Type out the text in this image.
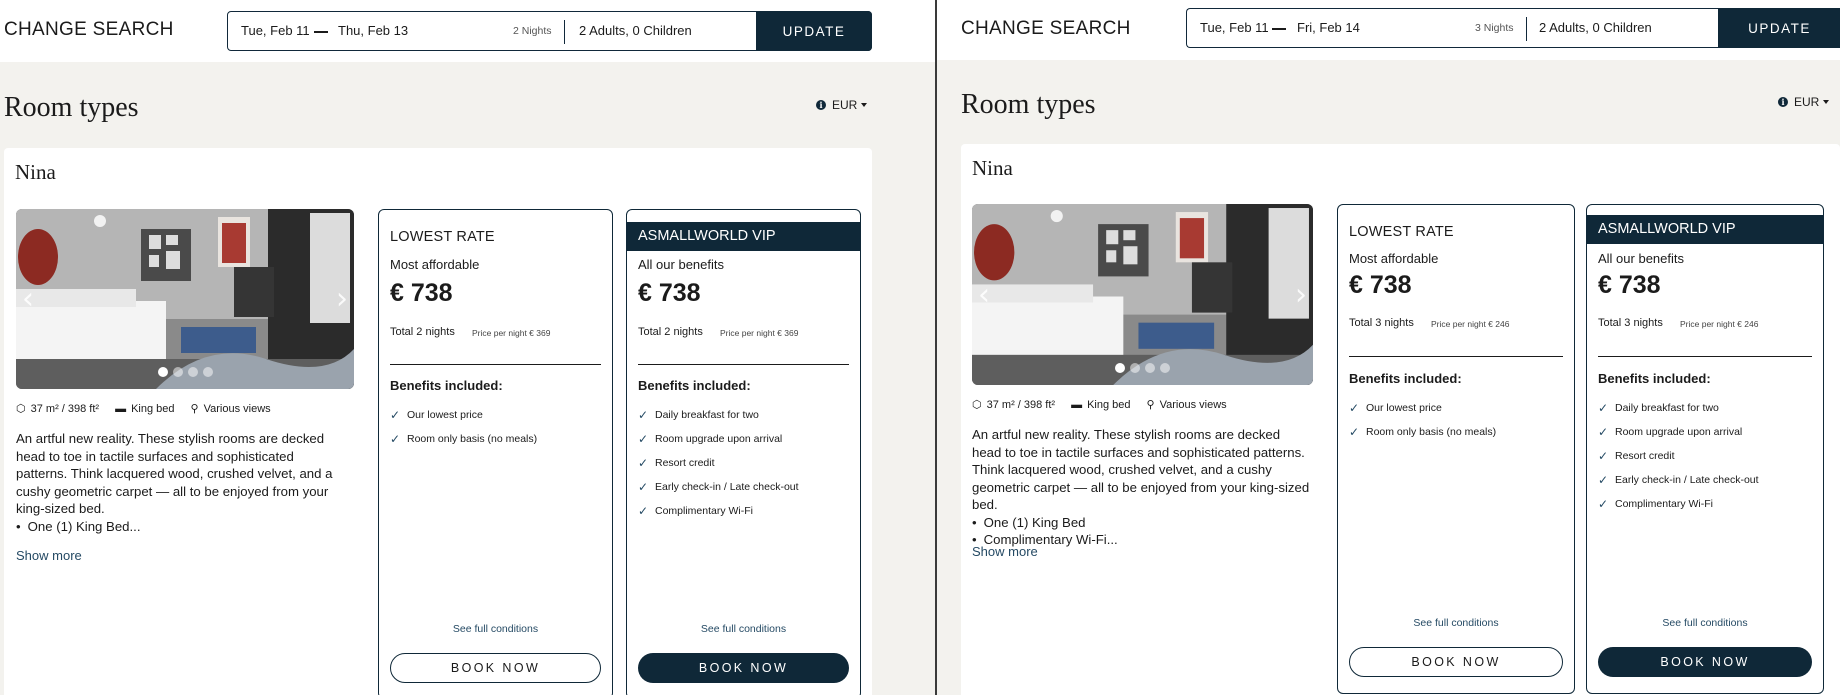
CHANGE SEARCH	Tue, Feb 11 Thu, Feb 13	2 Nights 2 Adults, 0 Children	UPDATE
Room types	i EUR
Nina
‹	›
⬡ 37 m² / 398 ft² ▬ King bed ⚲ Various views

An artful new reality. These stylish rooms are decked head to toe in tactile surfaces and sophisticated patterns. Think lacquered wood, crushed velvet, and a cushy geometric carpet — all to be enjoyed from your king-sized bed.

• One (1) King Bed...
Show more
LOWEST RATE
Most affordable
€ 738
Total 2 nights Price per night € 369
Benefits included:
✓ Our lowest price
✓ Room only basis (no meals)
See full conditions
BOOK NOW
ASMALLWORLD VIP
All our benefits
€ 738
Total 2 nights Price per night € 369
Benefits included:
✓ Daily breakfast for two
✓ Room upgrade upon arrival
✓ Resort credit
✓ Early check-in / Late check-out
✓ Complimentary Wi-Fi
See full conditions
BOOK NOW
CHANGE SEARCH	Tue, Feb 11 Fri, Feb 14	3 Nights 2 Adults, 0 Children	UPDATE
Room types	i EUR
Nina
‹	›
⬡ 37 m² / 398 ft² ▬ King bed ⚲ Various views

An artful new reality. These stylish rooms are decked head to toe in tactile surfaces and sophisticated patterns. Think lacquered wood, crushed velvet, and a cushy geometric carpet — all to be enjoyed from your king-sized bed.

• One (1) King Bed
• Complimentary Wi-Fi...
Show more
LOWEST RATE
Most affordable
€ 738
Total 3 nights Price per night € 246
Benefits included:
✓ Our lowest price
✓ Room only basis (no meals)
See full conditions
BOOK NOW
ASMALLWORLD VIP
All our benefits
€ 738
Total 3 nights Price per night € 246
Benefits included:
✓ Daily breakfast for two
✓ Room upgrade upon arrival
✓ Resort credit
✓ Early check-in / Late check-out
✓ Complimentary Wi-Fi
See full conditions
BOOK NOW
